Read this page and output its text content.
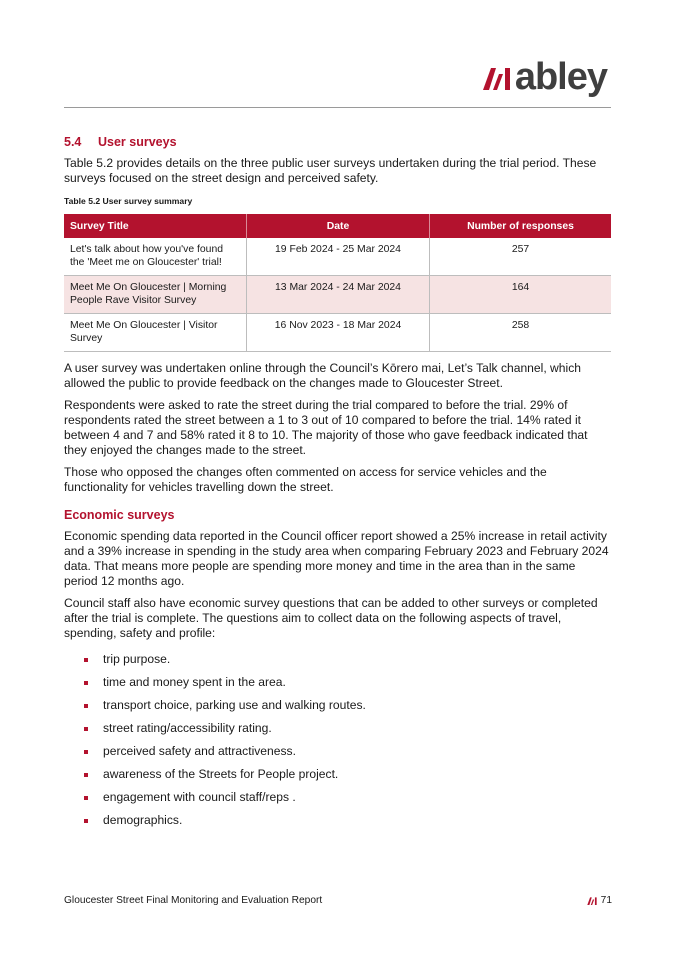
abley
5.4 User surveys

Table 5.2 provides details on the three public user surveys undertaken during the trial period. These surveys focused on the street design and perceived safety.

Table 5.2 User survey summary
Survey Title	Date	Number of responses
Let's talk about how you've found the 'Meet me on Gloucester' trial!	19 Feb 2024 - 25 Mar 2024	257
Meet Me On Gloucester | Morning People Rave Visitor Survey	13 Mar 2024 - 24 Mar 2024	164
Meet Me On Gloucester | Visitor Survey	16 Nov 2023 - 18 Mar 2024	258

A user survey was undertaken online through the Council’s Kōrero mai, Let’s Talk channel, which allowed the public to provide feedback on the changes made to Gloucester Street.

Respondents were asked to rate the street during the trial compared to before the trial. 29% of respondents rated the street between a 1 to 3 out of 10 compared to before the trial. 14% rated it between 4 and 7 and 58% rated it 8 to 10. The majority of those who gave feedback indicated that they enjoyed the changes made to the street.

Those who opposed the changes often commented on access for service vehicles and the functionality for vehicles travelling down the street.

Economic surveys

Economic spending data reported in the Council officer report showed a 25% increase in retail activity and a 39% increase in spending in the study area when comparing February 2023 and February 2024 data. That means more people are spending more money and time in the area than in the same period 12 months ago.

Council staff also have economic survey questions that can be added to other surveys or completed after the trial is complete. The questions aim to collect data on the following aspects of travel, spending, safety and profile:

trip purpose.
time and money spent in the area.
transport choice, parking use and walking routes.
street rating/accessibility rating.
perceived safety and attractiveness.
awareness of the Streets for People project.
engagement with council staff/reps .
demographics.
Gloucester Street Final Monitoring and Evaluation Report	71
